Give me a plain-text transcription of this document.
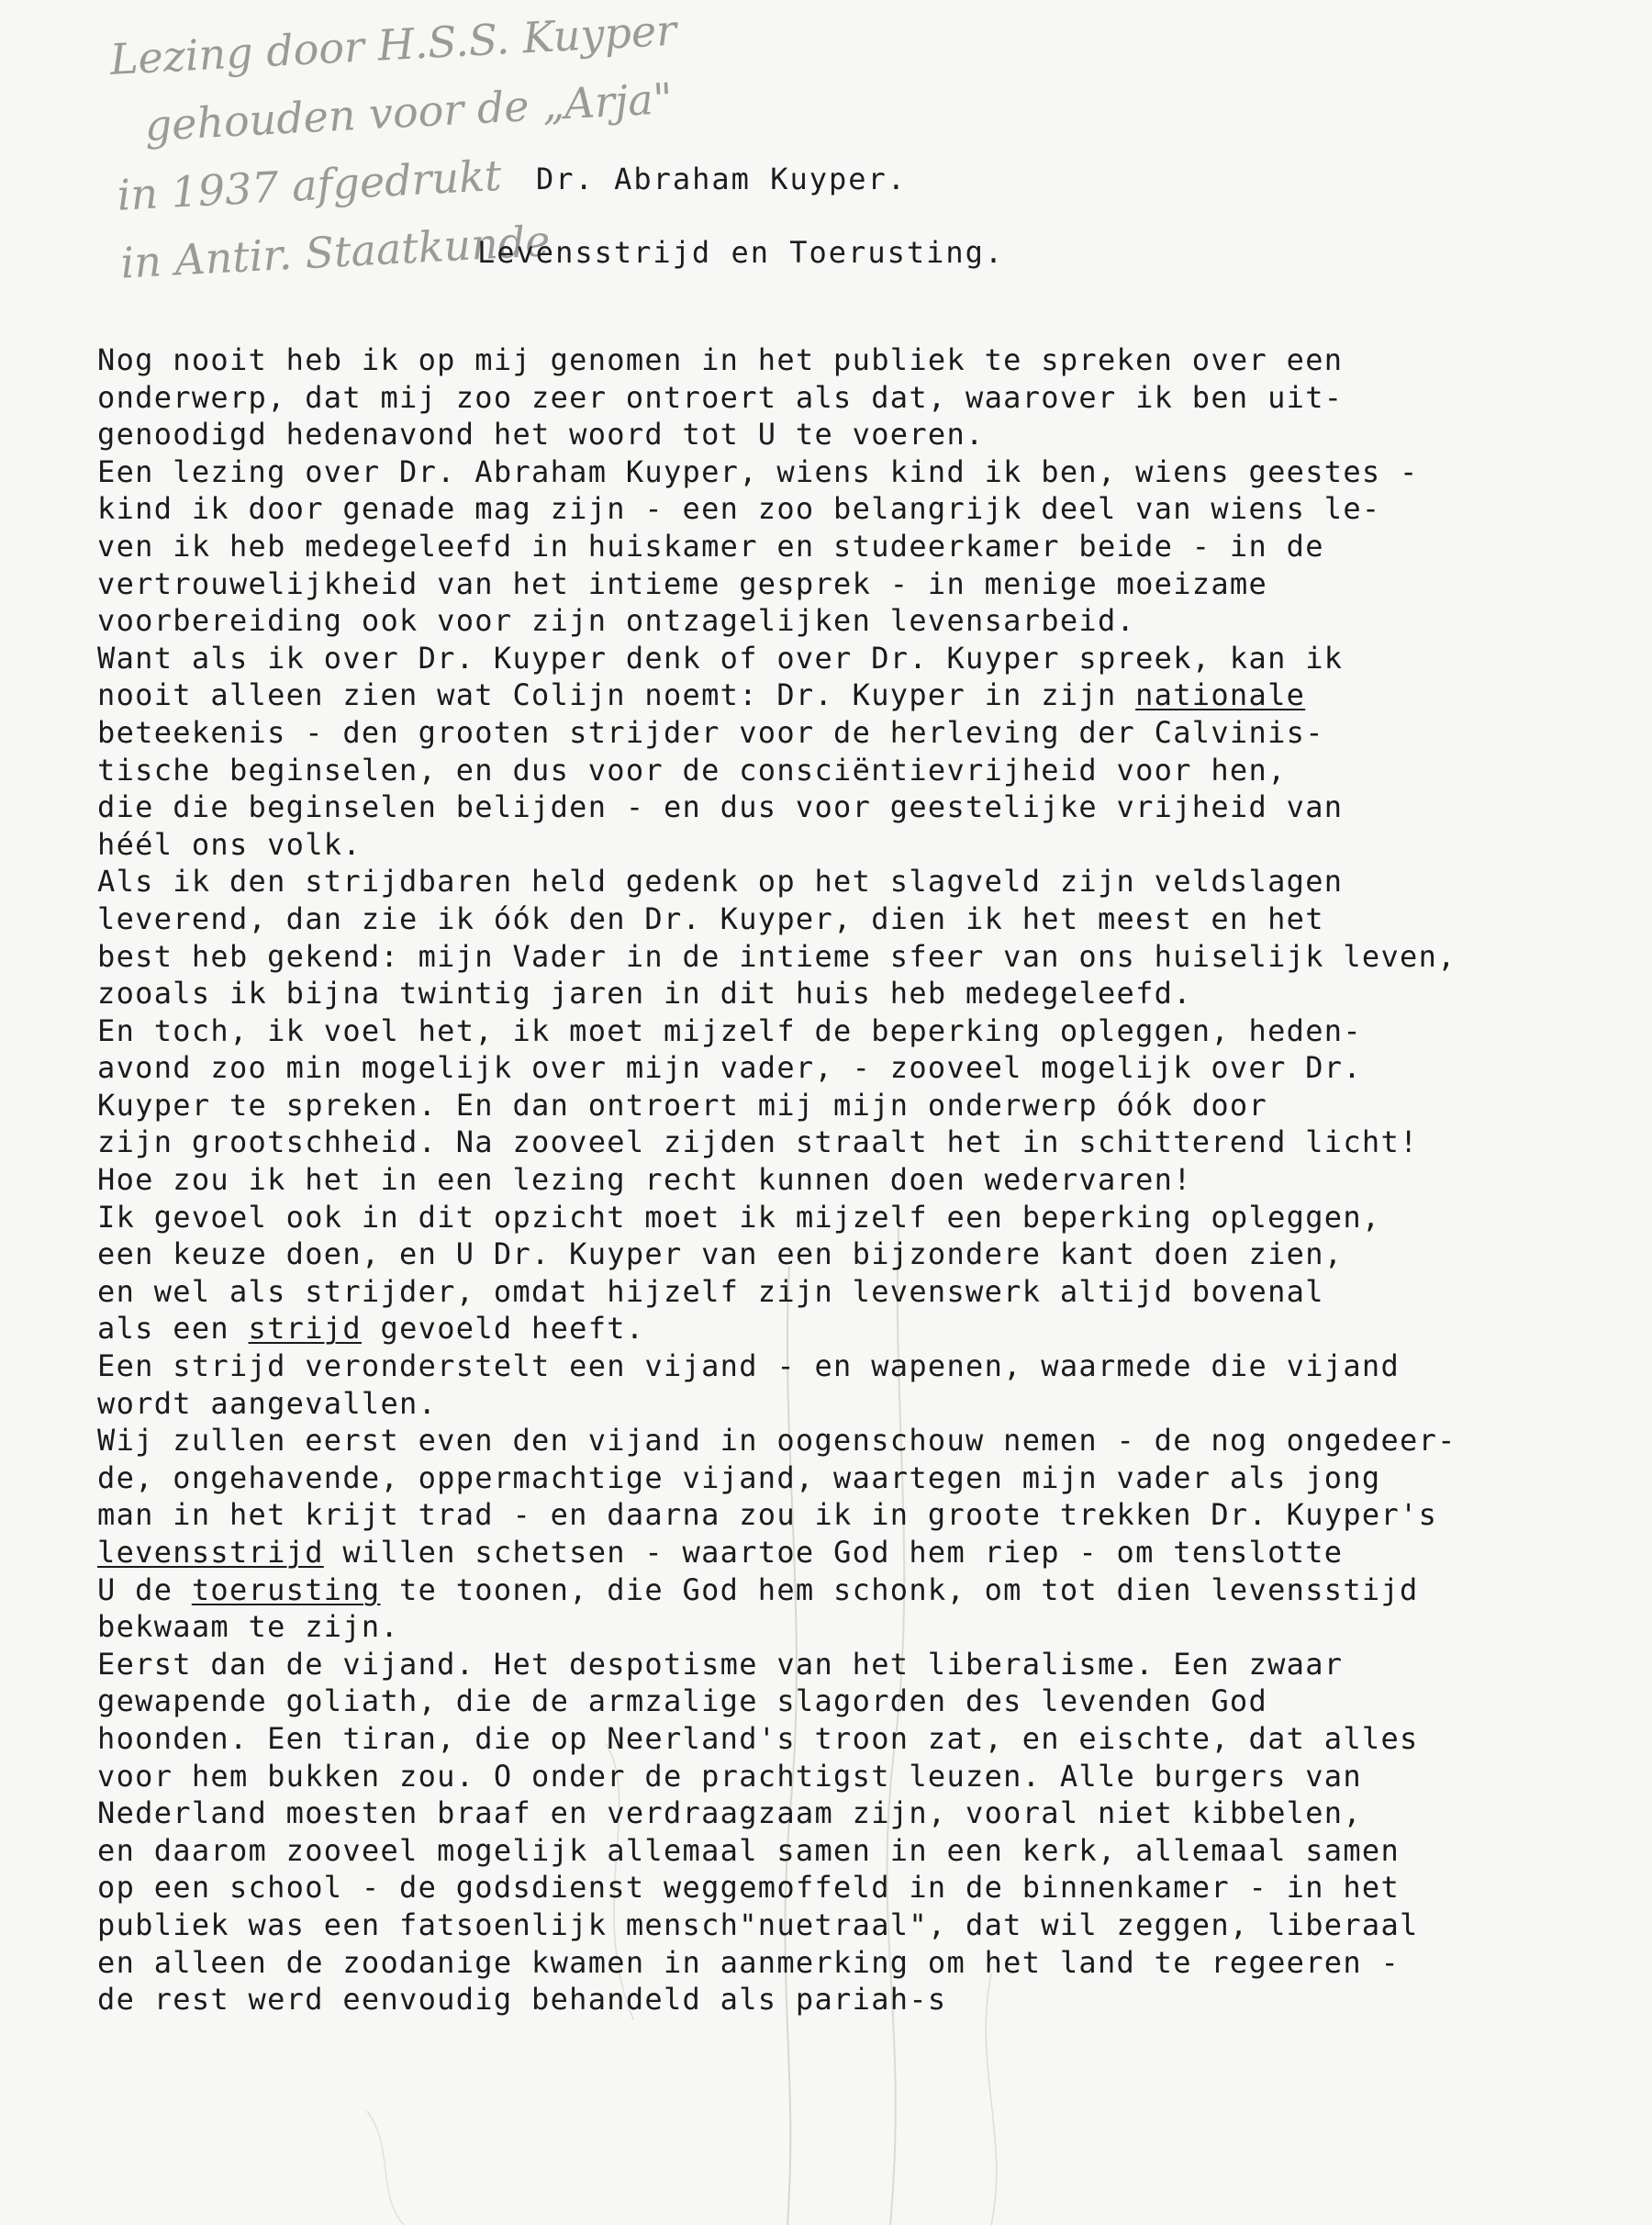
Lezing door H.S.S. Kuyper
gehouden voor de „Arja"
in 1937 afgedrukt
in Antir. Staatkunde
Dr. Abraham Kuyper.
Levensstrijd en Toerusting.
Nog nooit heb ik op mij genomen in het publiek te spreken over een
onderwerp, dat mij zoo zeer ontroert als dat, waarover ik ben uit-
genoodigd hedenavond het woord tot U te voeren.
Een lezing over Dr. Abraham Kuyper, wiens kind ik ben, wiens geestes -
kind ik door genade mag zijn - een zoo belangrijk deel van wiens le-
ven ik heb medegeleefd in huiskamer en studeerkamer beide - in de
vertrouwelijkheid van het intieme gesprek - in menige moeizame
voorbereiding ook voor zijn ontzagelijken levensarbeid.
Want als ik over Dr. Kuyper denk of over Dr. Kuyper spreek, kan ik
nooit alleen zien wat Colijn noemt: Dr. Kuyper in zijn nationale
beteekenis - den grooten strijder voor de herleving der Calvinis-
tische beginselen, en dus voor de consciëntievrijheid voor hen,
die die beginselen belijden - en dus voor geestelijke vrijheid van
héél ons volk.
Als ik den strijdbaren held gedenk op het slagveld zijn veldslagen
leverend, dan zie ik óók den Dr. Kuyper, dien ik het meest en het
best heb gekend: mijn Vader in de intieme sfeer van ons huiselijk leven,
zooals ik bijna twintig jaren in dit huis heb medegeleefd.
En toch, ik voel het, ik moet mijzelf de beperking opleggen, heden-
avond zoo min mogelijk over mijn vader, - zooveel mogelijk over Dr.
Kuyper te spreken. En dan ontroert mij mijn onderwerp óók door
zijn grootschheid. Na zooveel zijden straalt het in schitterend licht!
Hoe zou ik het in een lezing recht kunnen doen wedervaren!
Ik gevoel ook in dit opzicht moet ik mijzelf een beperking opleggen,
een keuze doen, en U Dr. Kuyper van een bijzondere kant doen zien,
en wel als strijder, omdat hijzelf zijn levenswerk altijd bovenal
als een strijd gevoeld heeft.
Een strijd veronderstelt een vijand - en wapenen, waarmede die vijand
wordt aangevallen.
Wij zullen eerst even den vijand in oogenschouw nemen - de nog ongedeer-
de, ongehavende, oppermachtige vijand, waartegen mijn vader als jong
man in het krijt trad - en daarna zou ik in groote trekken Dr. Kuyper's
levensstrijd willen schetsen - waartoe God hem riep - om tenslotte
U de toerusting te toonen, die God hem schonk, om tot dien levensstijd
bekwaam te zijn.
Eerst dan de vijand. Het despotisme van het liberalisme. Een zwaar
gewapende goliath, die de armzalige slagorden des levenden God
hoonden. Een tiran, die op Neerland's troon zat, en eischte, dat alles
voor hem bukken zou. O onder de prachtigst leuzen. Alle burgers van
Nederland moesten braaf en verdraagzaam zijn, vooral niet kibbelen,
en daarom zooveel mogelijk allemaal samen in een kerk, allemaal samen
op een school - de godsdienst weggemoffeld in de binnenkamer - in het
publiek was een fatsoenlijk mensch"nuetraal", dat wil zeggen, liberaal
en alleen de zoodanige kwamen in aanmerking om het land te regeeren -
de rest werd eenvoudig behandeld als pariah-s
